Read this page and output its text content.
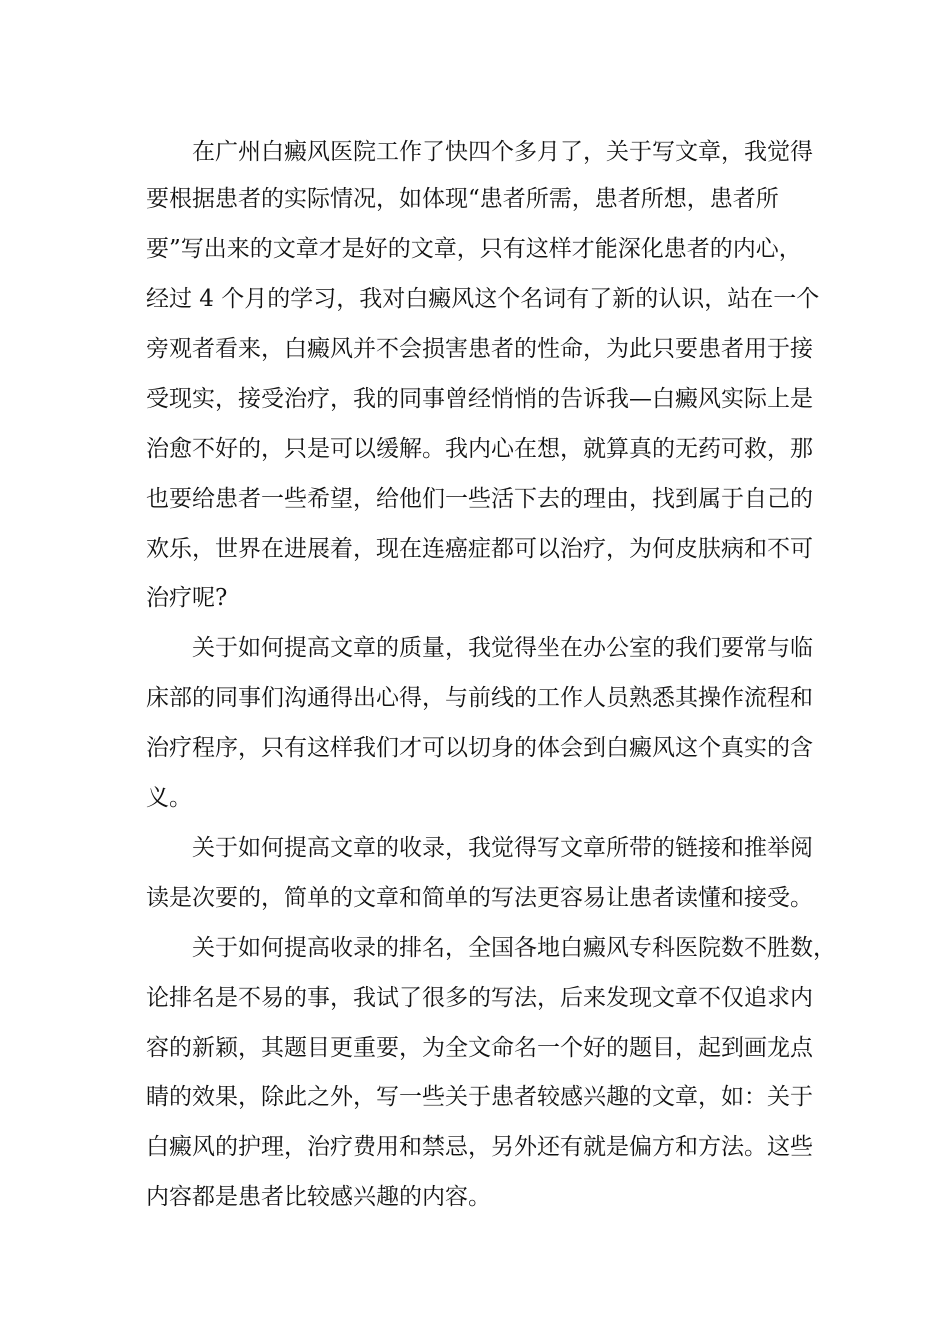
在广州白癜风医院工作了快四个多月了，关于写文章，我觉得
要根据患者的实际情况，如体现“患者所需，患者所想，患者所
要”写出来的文章才是好的文章，只有这样才能深化患者的内心，
经过 4 个月的学习，我对白癜风这个名词有了新的认识，站在一个
旁观者看来，白癜风并不会损害患者的性命，为此只要患者用于接
受现实，接受治疗，我的同事曾经悄悄的告诉我—白癜风实际上是
治愈不好的，只是可以缓解。我内心在想，就算真的无药可救，那
也要给患者一些希望，给他们一些活下去的理由，找到属于自己的
欢乐，世界在进展着，现在连癌症都可以治疗，为何皮肤病和不可
治疗呢?
关于如何提高文章的质量，我觉得坐在办公室的我们要常与临
床部的同事们沟通得出心得，与前线的工作人员熟悉其操作流程和
治疗程序，只有这样我们才可以切身的体会到白癜风这个真实的含
义。
关于如何提高文章的收录，我觉得写文章所带的链接和推举阅
读是次要的，简单的文章和简单的写法更容易让患者读懂和接受。
关于如何提高收录的排名，全国各地白癜风专科医院数不胜数，
论排名是不易的事，我试了很多的写法，后来发现文章不仅追求内
容的新颖，其题目更重要，为全文命名一个好的题目，起到画龙点
睛的效果，除此之外，写一些关于患者较感兴趣的文章，如：关于
白癜风的护理，治疗费用和禁忌，另外还有就是偏方和方法。这些
内容都是患者比较感兴趣的内容。
